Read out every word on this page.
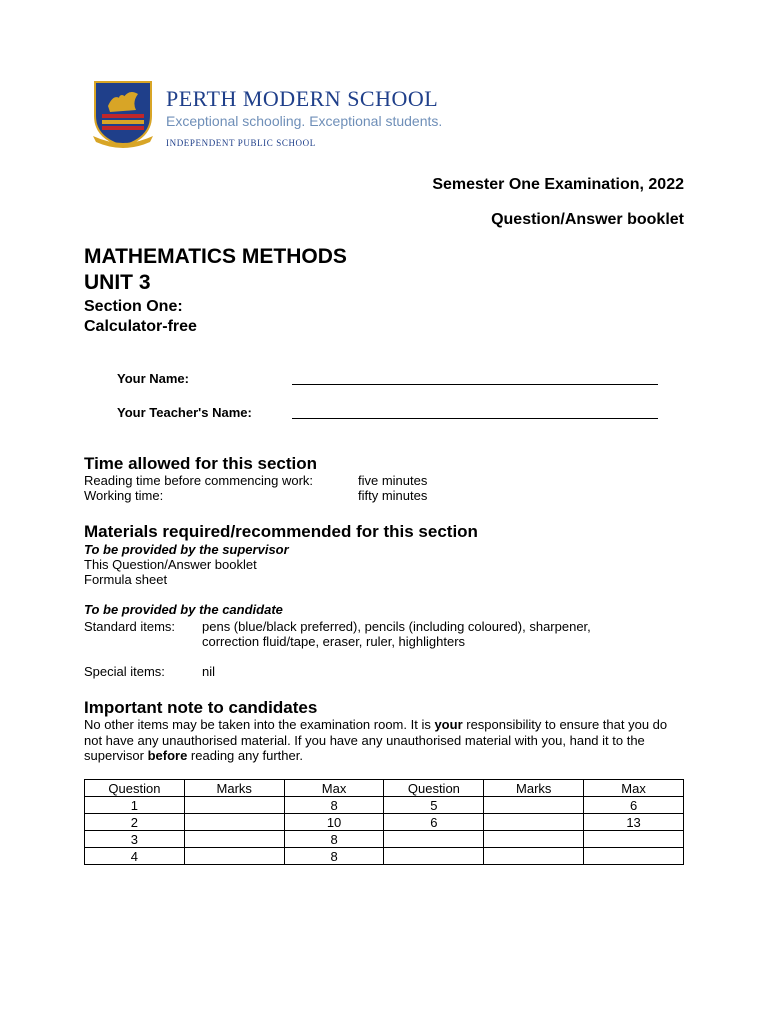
PERTH MODERN SCHOOL
Exceptional schooling. Exceptional students.
INDEPENDENT PUBLIC SCHOOL
Semester One Examination, 2022
Question/Answer booklet
MATHEMATICS METHODS
UNIT 3
Section One:
Calculator-free
Your Name:
Your Teacher's Name:
Time allowed for this section
Reading time before commencing work:	five minutes
Working time:	fifty minutes
Materials required/recommended for this section
To be provided by the supervisor
This Question/Answer booklet
Formula sheet
To be provided by the candidate
Standard items: pens (blue/black preferred), pencils (including coloured), sharpener,
correction fluid/tape, eraser, ruler, highlighters
Special items:	nil
Important note to candidates
No other items may be taken into the examination room. It is your responsibility to ensure that you do not have any unauthorised material. If you have any unauthorised material with you, hand it to the supervisor before reading any further.
Question	Marks	Max	Question	Marks	Max
1		8	5		6
2		10	6		13
3		8			
4		8			
